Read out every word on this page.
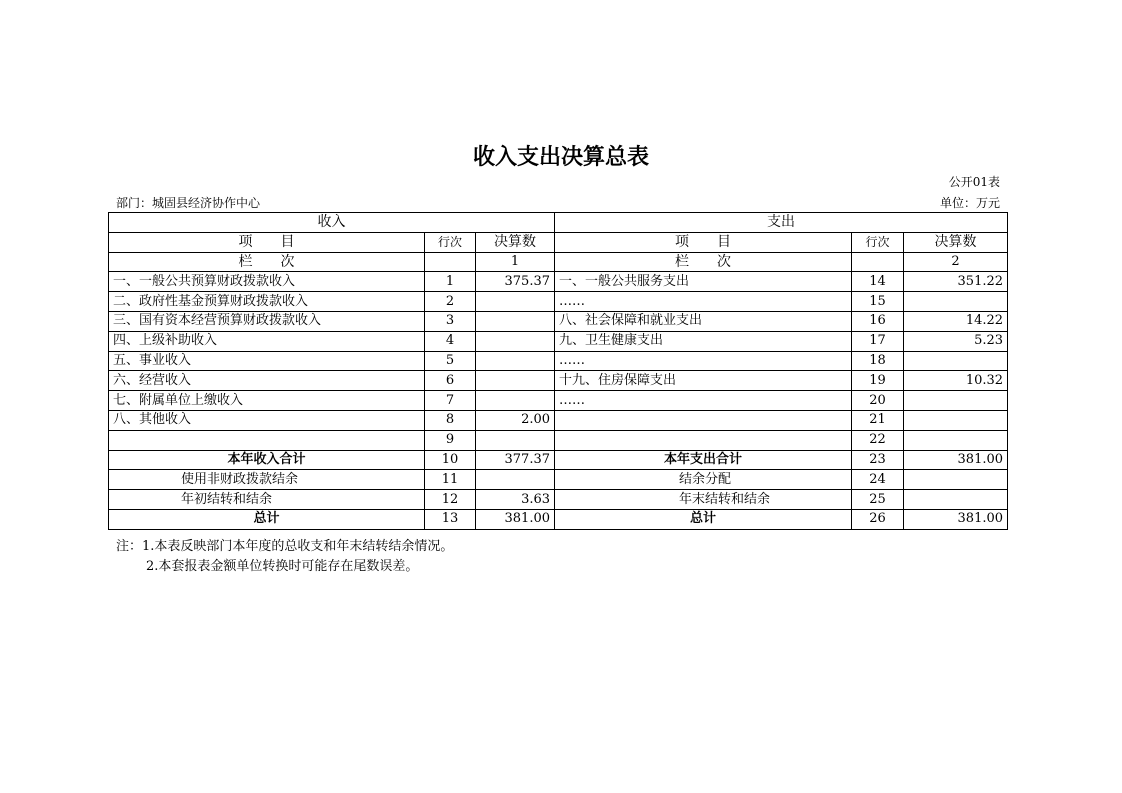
收入支出决算总表
公开01表
部门：城固县经济协作中心	单位：万元
收入			支出		
项　　目	行次	决算数	项　　目	行次	决算数
栏　　次		1	栏　　次		2
一、一般公共预算财政拨款收入	1	375.37	一、一般公共服务支出	14	351.22
二、政府性基金预算财政拨款收入	2		……	15	
三、国有资本经营预算财政拨款收入	3		八、社会保障和就业支出	16	14.22
四、上级补助收入	4		九、卫生健康支出	17	5.23
五、事业收入	5		……	18	
六、经营收入	6		十九、住房保障支出	19	10.32
七、附属单位上缴收入	7		……	20	
八、其他收入	8	2.00		21	
	9			22	
本年收入合计	10	377.37	本年支出合计	23	381.00
使用非财政拨款结余	11		结余分配	24	
年初结转和结余	12	3.63	年末结转和结余	25	
总计	13	381.00	总计	26	381.00
注：1.本表反映部门本年度的总收支和年末结转结余情况。
2.本套报表金额单位转换时可能存在尾数误差。
